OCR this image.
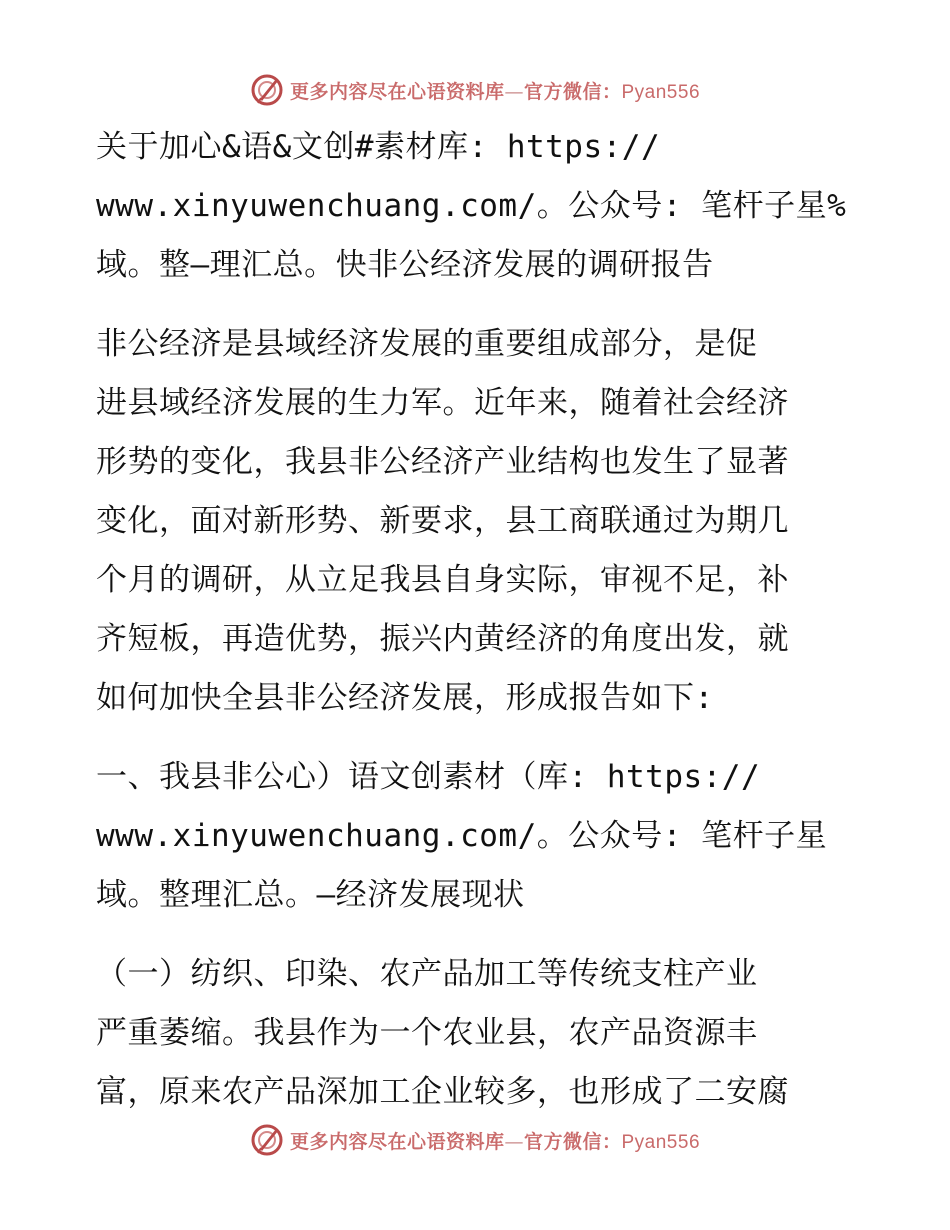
更多内容尽在心语资料库—官方微信：Pyan556
关于加心&语&文创#素材库: https://
www.xinyuwenchuang.com/。公众号: 笔杆子星%
域。整—理汇总。快非公经济发展的调研报告
非公经济是县域经济发展的重要组成部分，是促
进县域经济发展的生力军。近年来，随着社会经济
形势的变化，我县非公经济产业结构也发生了显著
变化，面对新形势、新要求，县工商联通过为期几
个月的调研，从立足我县自身实际，审视不足，补
齐短板，再造优势，振兴内黄经济的角度出发，就
如何加快全县非公经济发展，形成报告如下:
一、我县非公心）语文创素材（库: https://
www.xinyuwenchuang.com/。公众号: 笔杆子星
域。整理汇总。—经济发展现状
（一）纺织、印染、农产品加工等传统支柱产业
严重萎缩。我县作为一个农业县，农产品资源丰
富，原来农产品深加工企业较多，也形成了二安腐
更多内容尽在心语资料库—官方微信：Pyan556
